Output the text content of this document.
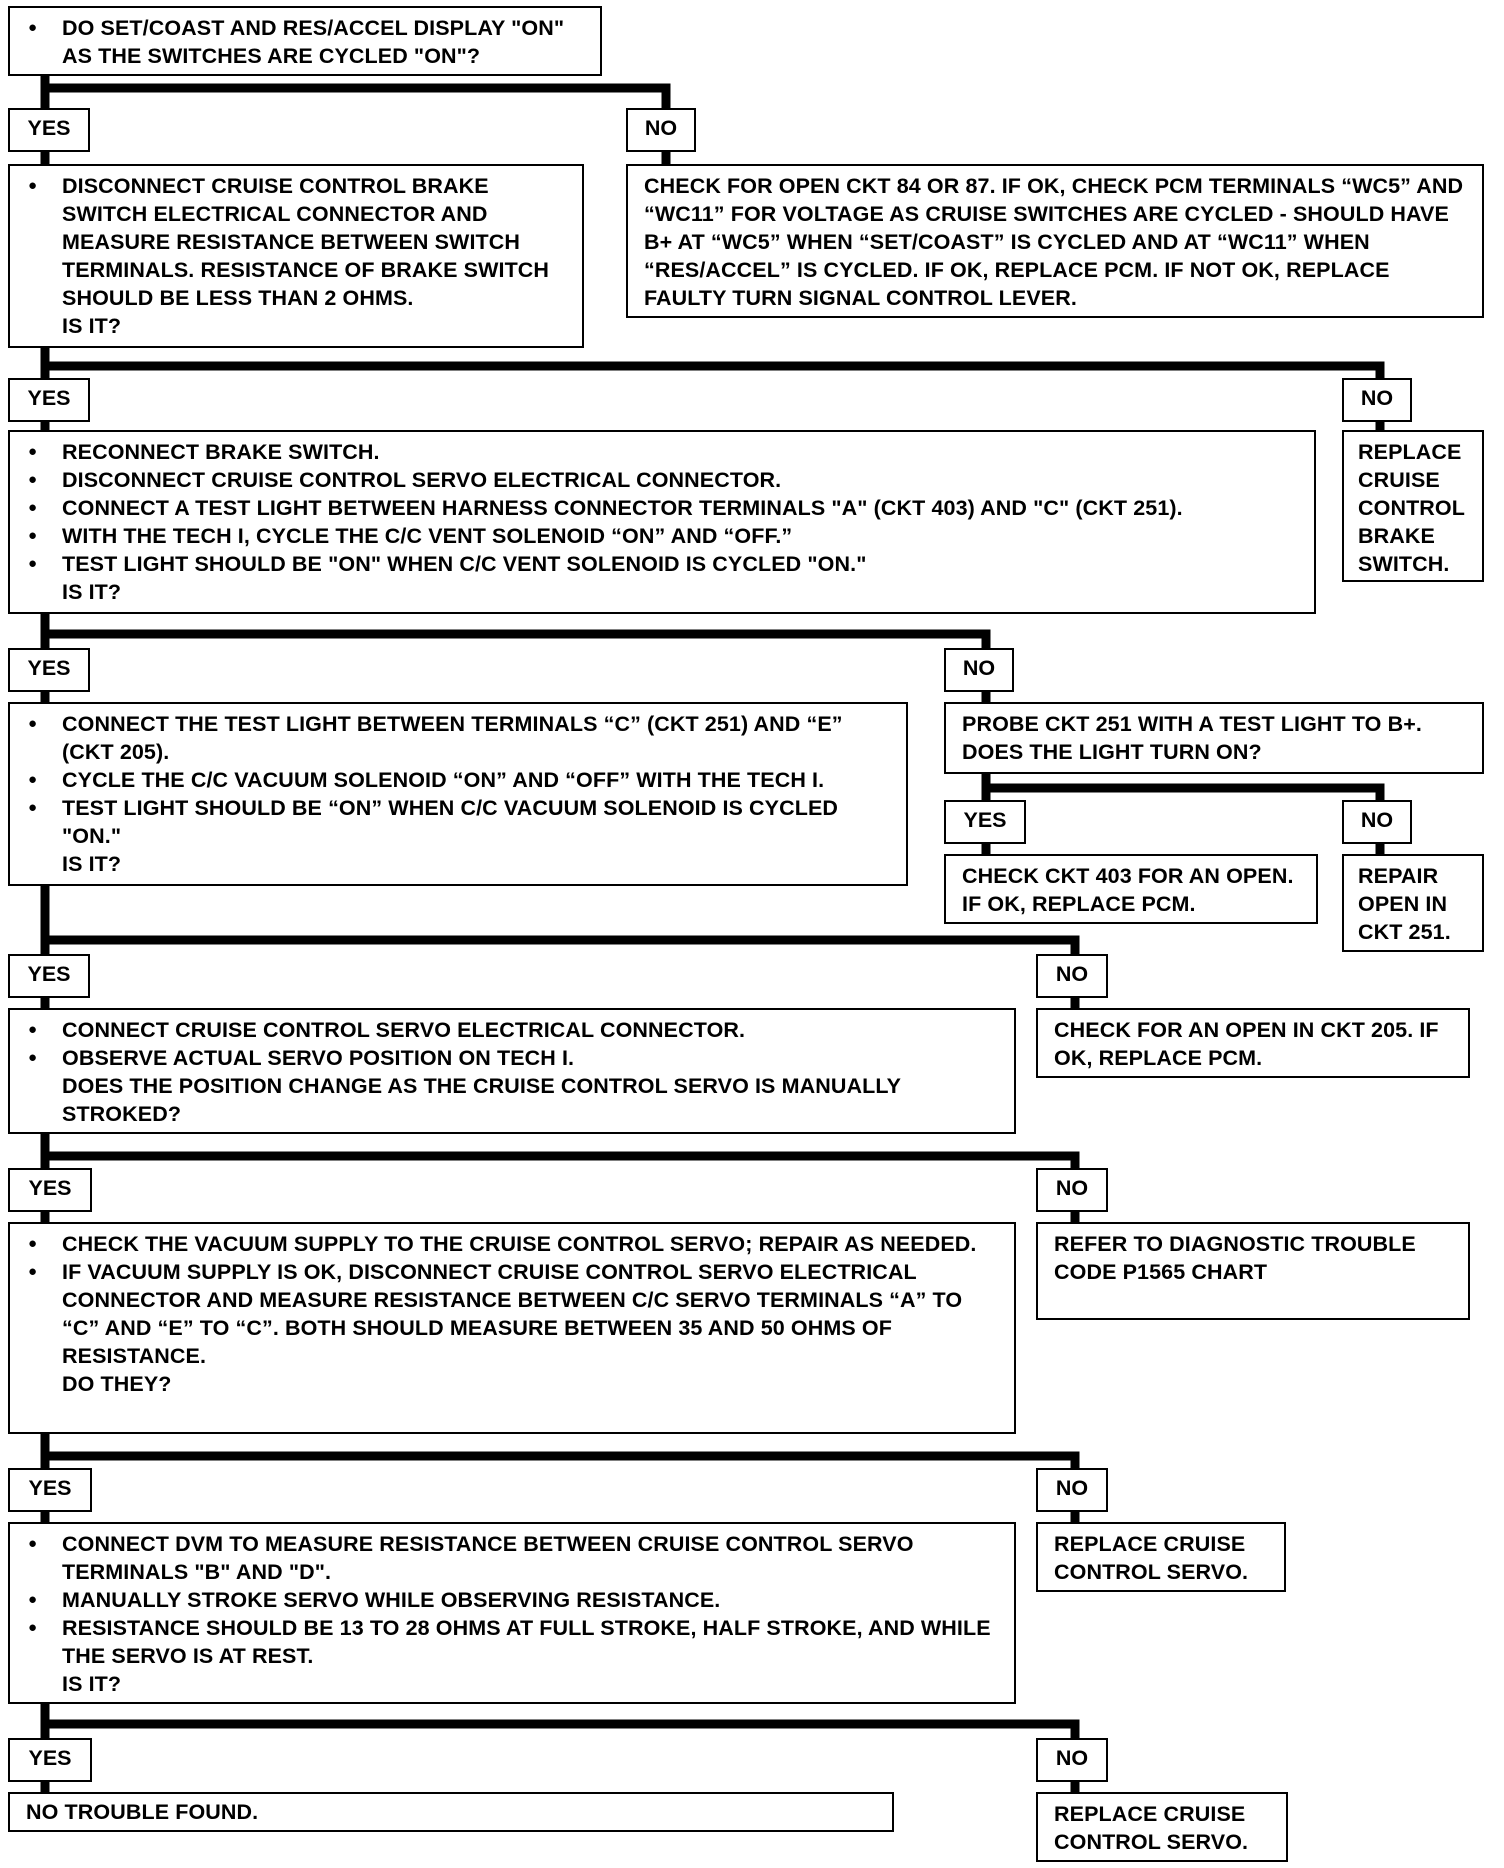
● DO SET/COAST AND RES/ACCEL DISPLAY "ON" AS THE SWITCHES ARE CYCLED "ON"?
YES	NO
● DISCONNECT CRUISE CONTROL BRAKE SWITCH ELECTRICAL CONNECTOR AND MEASURE RESISTANCE BETWEEN SWITCH TERMINALS. RESISTANCE OF BRAKE SWITCH SHOULD BE LESS THAN 2 OHMS.
IS IT?
CHECK FOR OPEN CKT 84 OR 87. IF OK, CHECK PCM TERMINALS “WC5” AND “WC11” FOR VOLTAGE AS CRUISE SWITCHES ARE CYCLED - SHOULD HAVE B+ AT “WC5” WHEN “SET/COAST” IS CYCLED AND AT “WC11” WHEN “RES/ACCEL” IS CYCLED. IF OK, REPLACE PCM. IF NOT OK, REPLACE FAULTY TURN SIGNAL CONTROL LEVER.
YES	NO
● RECONNECT BRAKE SWITCH.
● DISCONNECT CRUISE CONTROL SERVO ELECTRICAL CONNECTOR.
● CONNECT A TEST LIGHT BETWEEN HARNESS CONNECTOR TERMINALS "A" (CKT 403) AND "C" (CKT 251).
● WITH THE TECH I, CYCLE THE C/C VENT SOLENOID “ON” AND “OFF.”
● TEST LIGHT SHOULD BE "ON" WHEN C/C VENT SOLENOID IS CYCLED "ON."
IS IT?
REPLACE CRUISE CONTROL BRAKE SWITCH.
YES	NO
● CONNECT THE TEST LIGHT BETWEEN TERMINALS “C” (CKT 251) AND “E” (CKT 205).
● CYCLE THE C/C VACUUM SOLENOID “ON” AND “OFF” WITH THE TECH I.
● TEST LIGHT SHOULD BE “ON” WHEN C/C VACUUM SOLENOID IS CYCLED "ON."
IS IT?
PROBE CKT 251 WITH A TEST LIGHT TO B+. DOES THE LIGHT TURN ON?
YES	NO
CHECK CKT 403 FOR AN OPEN. IF OK, REPLACE PCM.
REPAIR OPEN IN CKT 251.
YES	NO
● CONNECT CRUISE CONTROL SERVO ELECTRICAL CONNECTOR.
● OBSERVE ACTUAL SERVO POSITION ON TECH I.
DOES THE POSITION CHANGE AS THE CRUISE CONTROL SERVO IS MANUALLY STROKED?
CHECK FOR AN OPEN IN CKT 205. IF OK, REPLACE PCM.
YES	NO
● CHECK THE VACUUM SUPPLY TO THE CRUISE CONTROL SERVO; REPAIR AS NEEDED.
● IF VACUUM SUPPLY IS OK, DISCONNECT CRUISE CONTROL SERVO ELECTRICAL CONNECTOR AND MEASURE RESISTANCE BETWEEN C/C SERVO TERMINALS “A” TO “C” AND “E” TO “C”. BOTH SHOULD MEASURE BETWEEN 35 AND 50 OHMS OF RESISTANCE.
DO THEY?
REFER TO DIAGNOSTIC TROUBLE CODE P1565 CHART
YES	NO
● CONNECT DVM TO MEASURE RESISTANCE BETWEEN CRUISE CONTROL SERVO TERMINALS "B" AND "D".
● MANUALLY STROKE SERVO WHILE OBSERVING RESISTANCE.
● RESISTANCE SHOULD BE 13 TO 28 OHMS AT FULL STROKE, HALF STROKE, AND WHILE THE SERVO IS AT REST.
IS IT?
REPLACE CRUISE CONTROL SERVO.
YES	NO
NO TROUBLE FOUND.	REPLACE CRUISE CONTROL SERVO.
